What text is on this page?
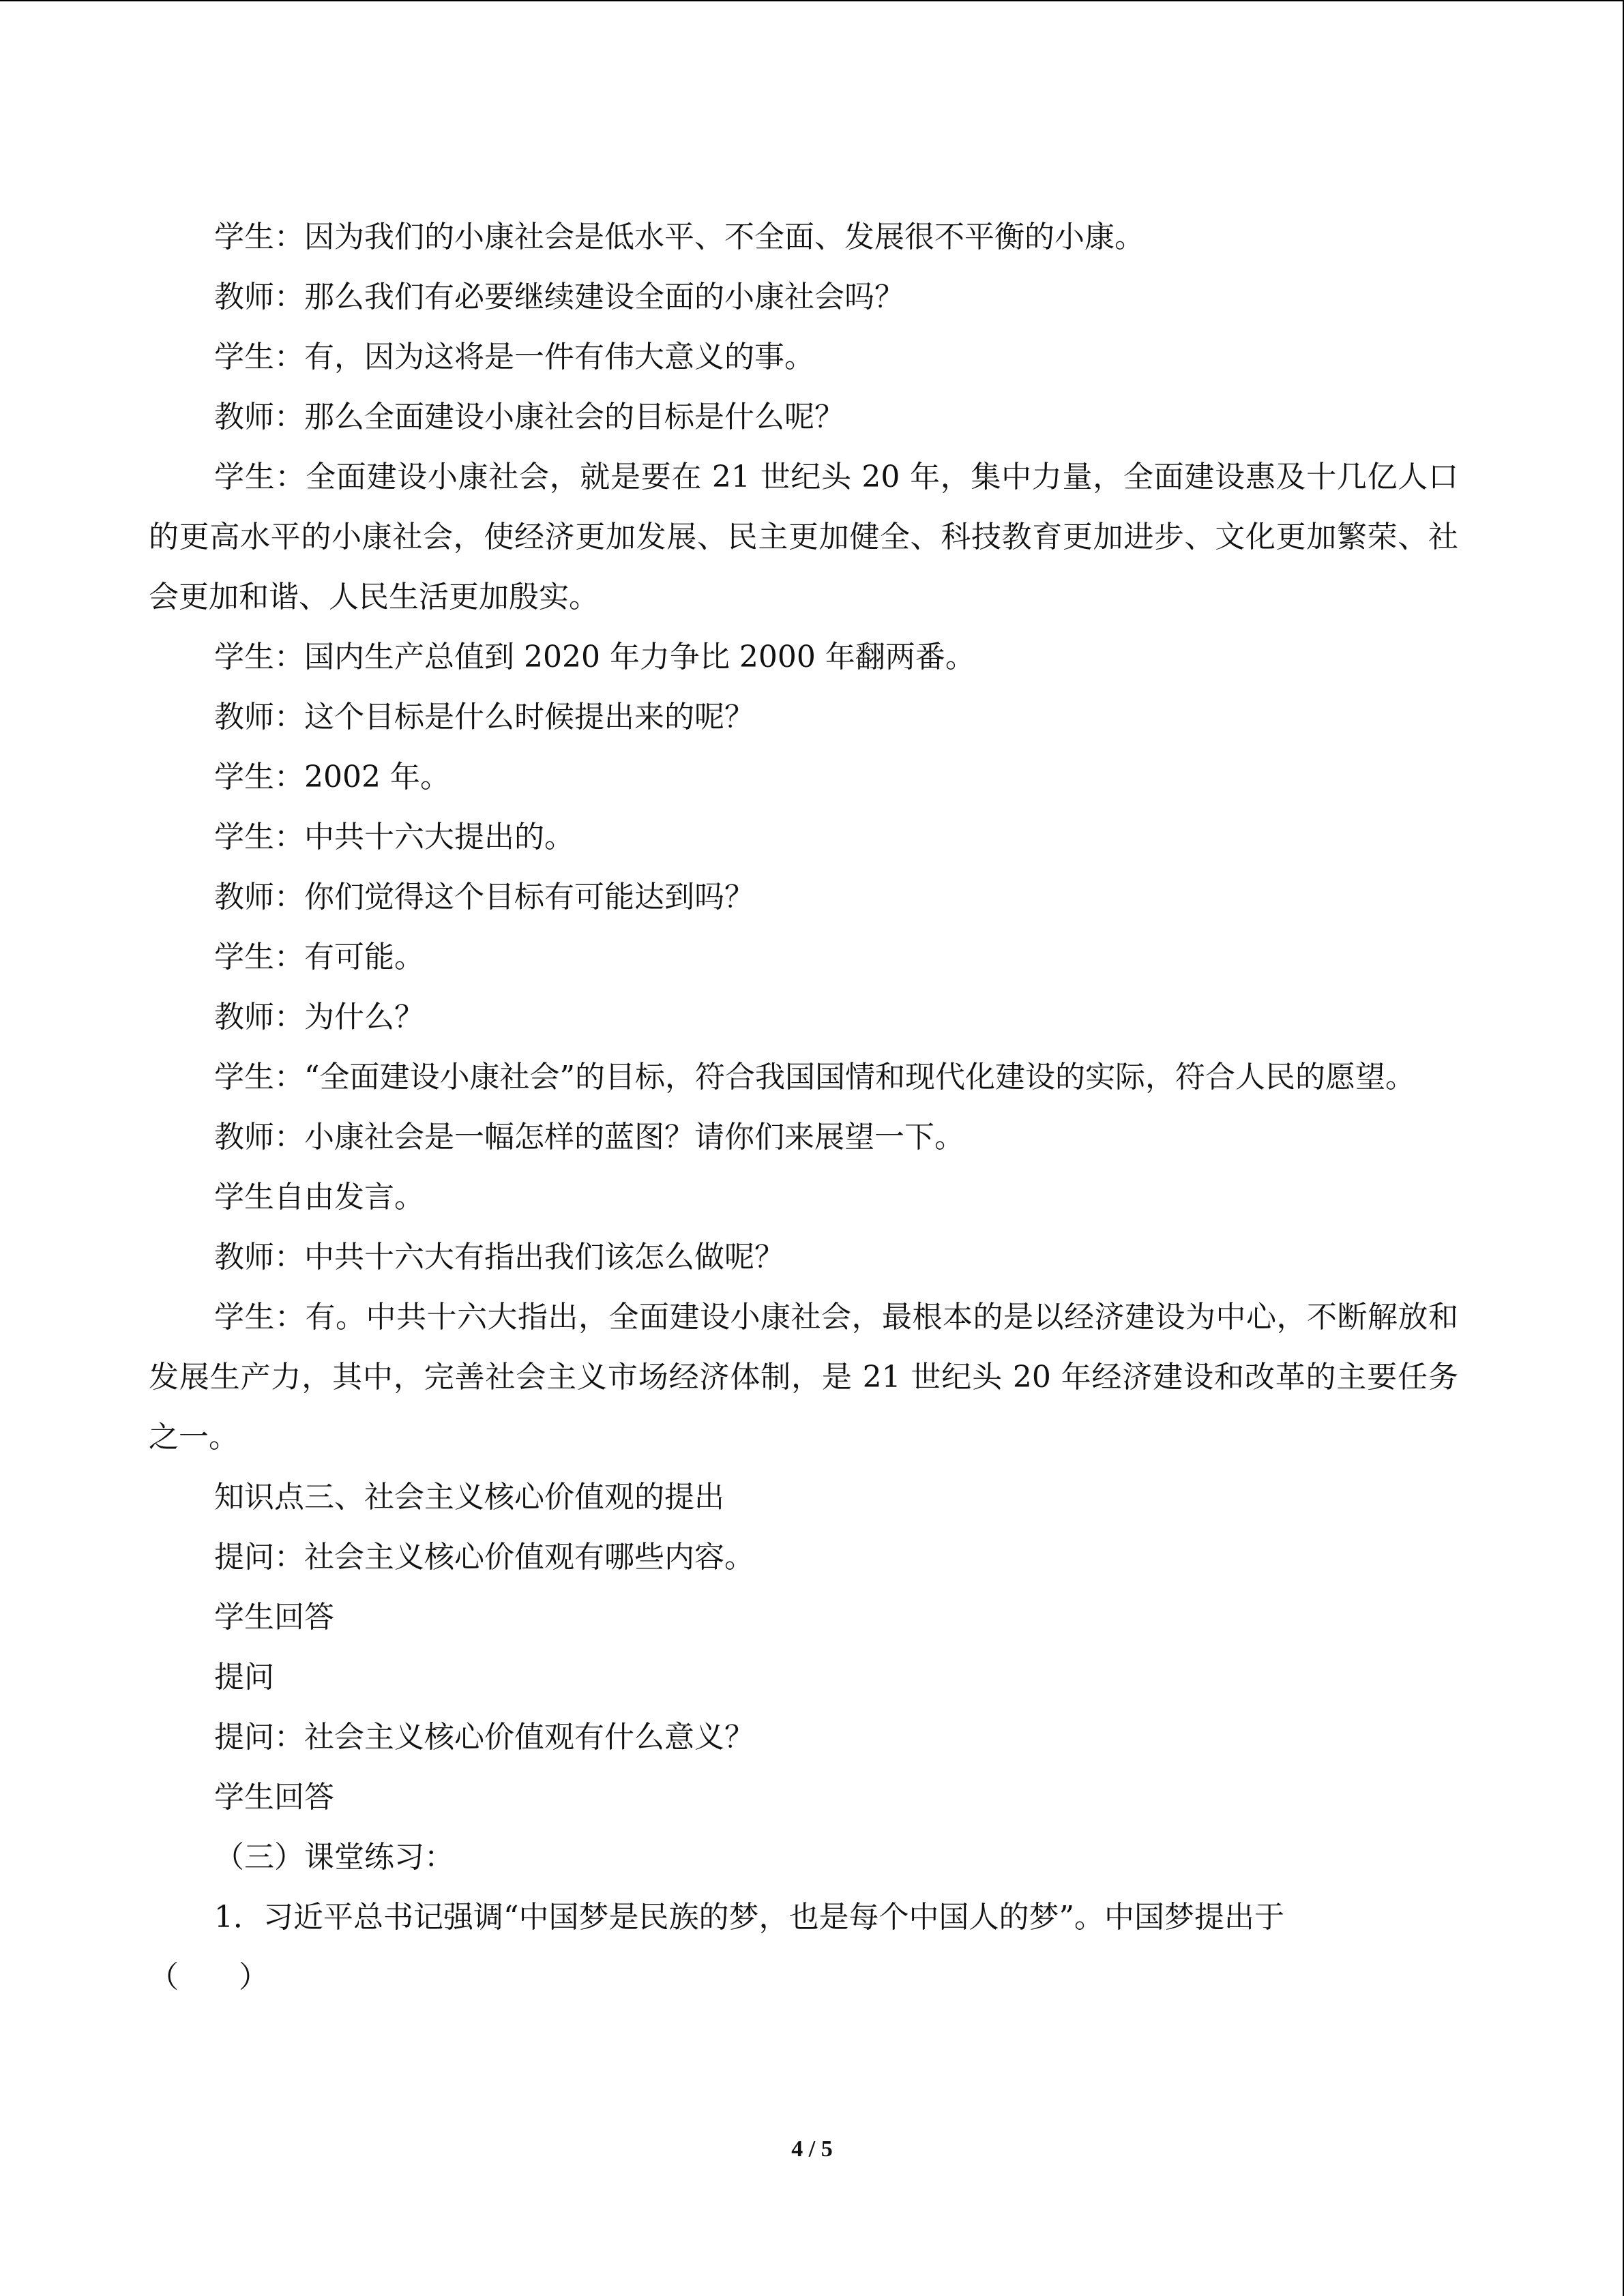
学生：因为我们的小康社会是低水平、不全面、发展很不平衡的小康。

教师：那么我们有必要继续建设全面的小康社会吗？

学生：有，因为这将是一件有伟大意义的事。

教师：那么全面建设小康社会的目标是什么呢？

学生：全面建设小康社会，就是要在 21 世纪头 20 年，集中力量，全面建设惠及十几亿人口的更高水平的小康社会，使经济更加发展、民主更加健全、科技教育更加进步、文化更加繁荣、社会更加和谐、人民生活更加殷实。

学生：国内生产总值到 2020 年力争比 2000 年翻两番。

教师：这个目标是什么时候提出来的呢？

学生：2002 年。

学生：中共十六大提出的。

教师：你们觉得这个目标有可能达到吗？

学生：有可能。

教师：为什么？

学生：“全面建设小康社会”的目标，符合我国国情和现代化建设的实际，符合人民的愿望。

教师：小康社会是一幅怎样的蓝图？请你们来展望一下。

学生自由发言。

教师：中共十六大有指出我们该怎么做呢？

学生：有。中共十六大指出，全面建设小康社会，最根本的是以经济建设为中心，不断解放和发展生产力，其中，完善社会主义市场经济体制，是 21 世纪头 20 年经济建设和改革的主要任务之一。

知识点三、社会主义核心价值观的提出

提问：社会主义核心价值观有哪些内容。

学生回答

提问

提问：社会主义核心价值观有什么意义？

学生回答

（三）课堂练习：

1．习近平总书记强调“中国梦是民族的梦，也是每个中国人的梦”。中国梦提出于

（　　）

4 / 5
